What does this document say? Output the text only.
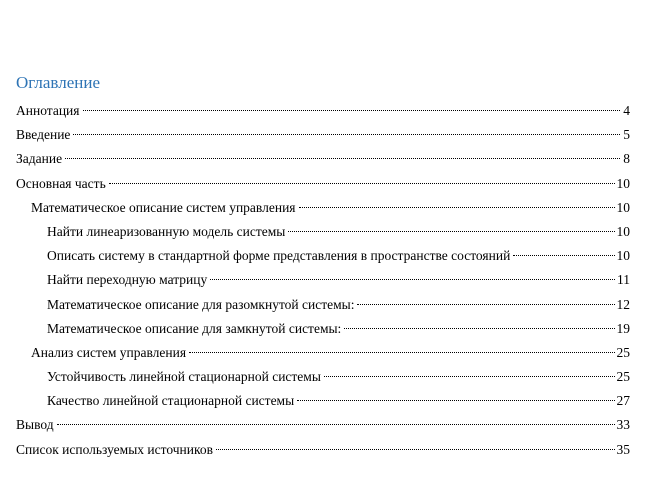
Оглавление
Аннотация	4
Введение	5
Задание	8
Основная часть	10
Математическое описание систем управления	10
Найти линеаризованную модель системы	10
Описать систему в стандартной форме представления в пространстве состояний	10
Найти переходную матрицу	11
Математическое описание для разомкнутой системы:	12
Математическое описание для замкнутой системы:	19
Анализ систем управления	25
Устойчивость линейной стационарной системы	25
Качество линейной стационарной системы	27
Вывод	33
Список используемых источников	35
